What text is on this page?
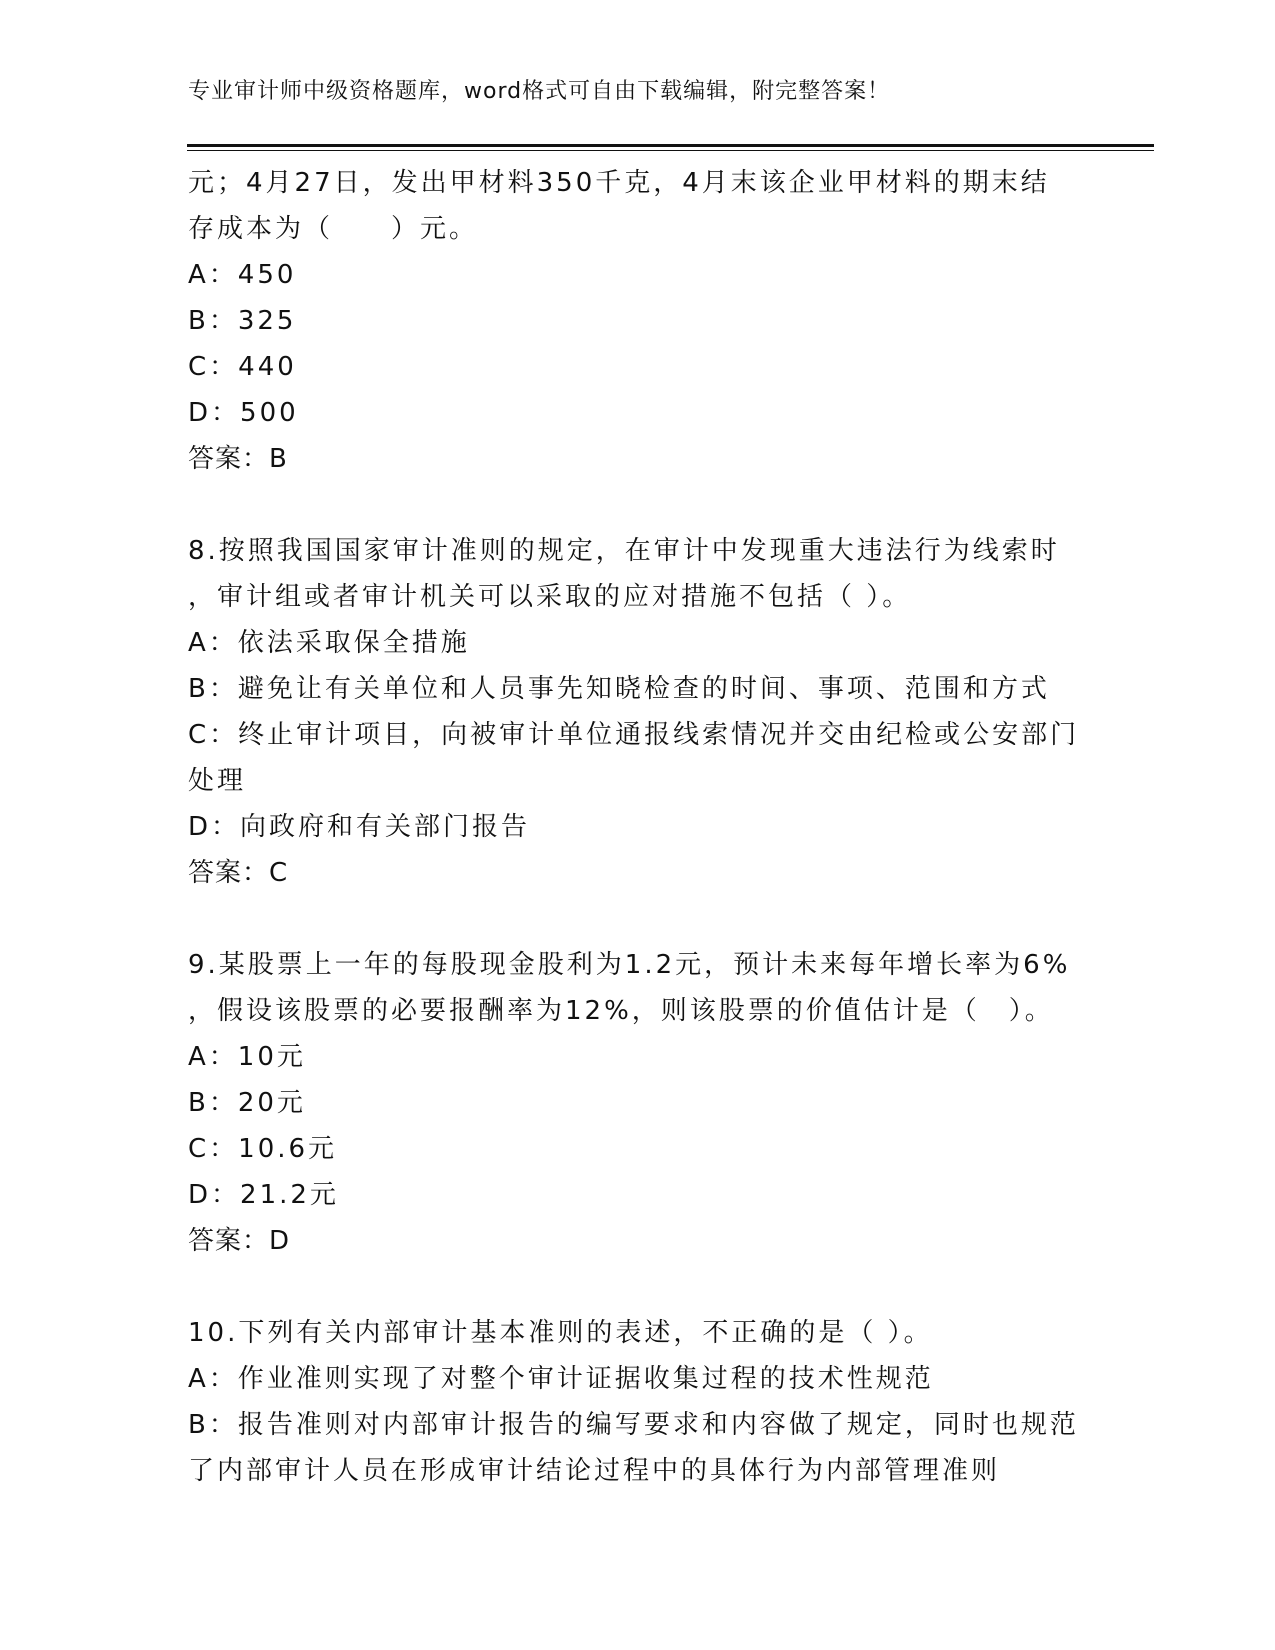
专业审计师中级资格题库，word格式可自由下载编辑，附完整答案！
元；4月27日，发出甲材料350千克，4月末该企业甲材料的期末结
存成本为（　　）元。
A：450
B：325
C：440
D：500
答案：B
8.按照我国国家审计准则的规定，在审计中发现重大违法行为线索时
，审计组或者审计机关可以采取的应对措施不包括（ ）。
A：依法采取保全措施
B：避免让有关单位和人员事先知晓检查的时间、事项、范围和方式
C：终止审计项目，向被审计单位通报线索情况并交由纪检或公安部门
处理
D：向政府和有关部门报告
答案：C
9.某股票上一年的每股现金股利为1.2元，预计未来每年增长率为6%
，假设该股票的必要报酬率为12%，则该股票的价值估计是（　）。
A：10元
B：20元
C：10.6元
D：21.2元
答案：D
10.下列有关内部审计基本准则的表述，不正确的是（ ）。
A：作业准则实现了对整个审计证据收集过程的技术性规范
B：报告准则对内部审计报告的编写要求和内容做了规定，同时也规范
了内部审计人员在形成审计结论过程中的具体行为内部管理准则
